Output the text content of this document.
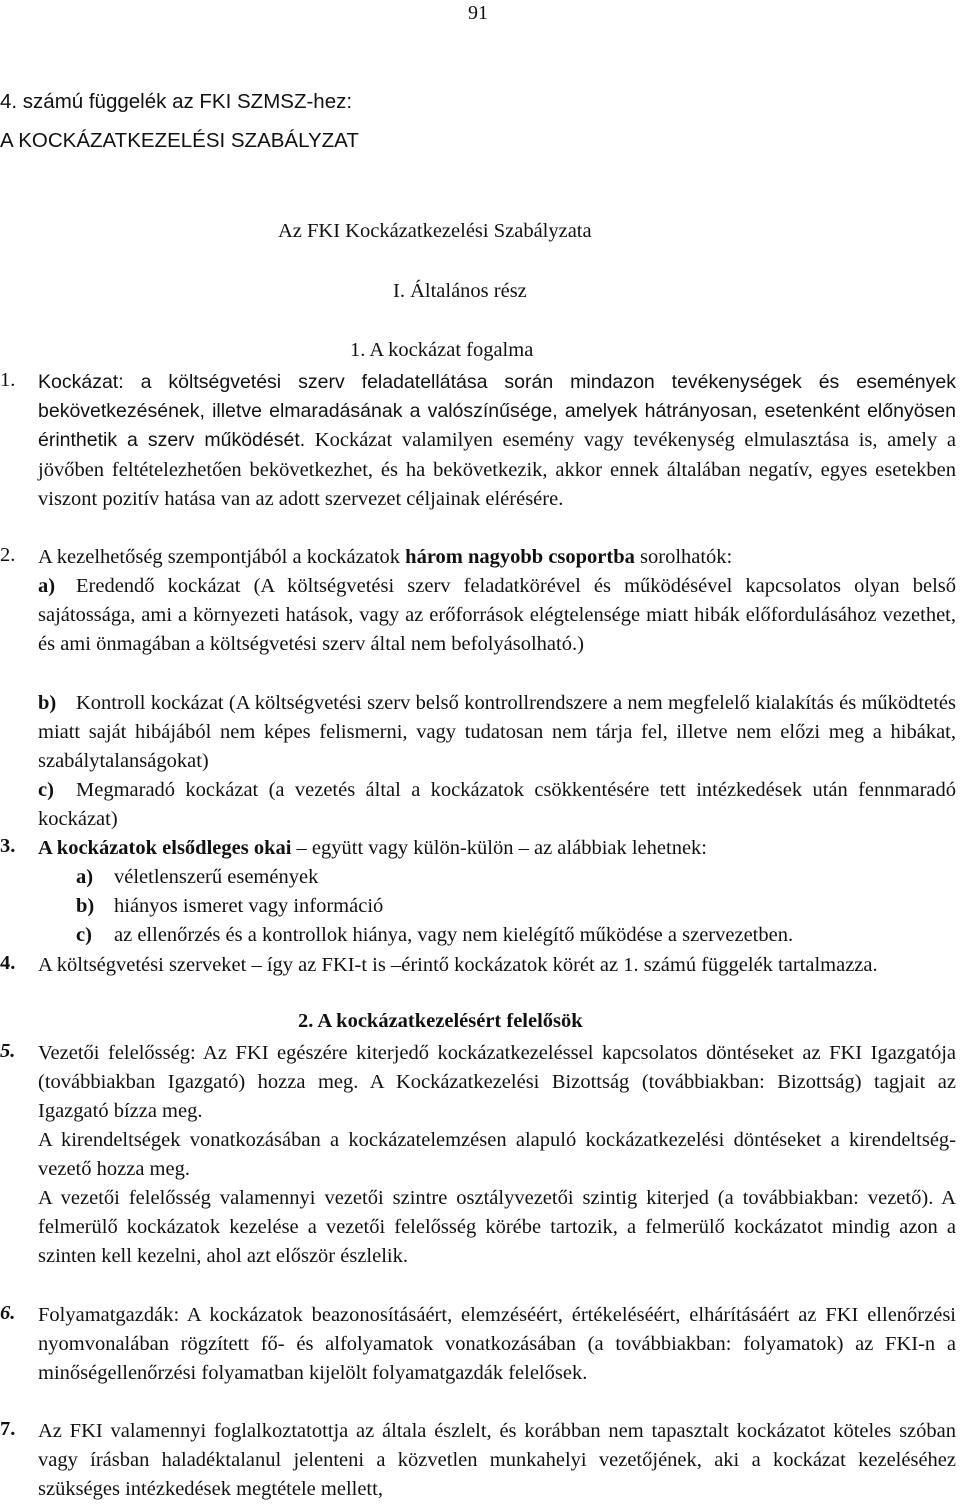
91
4. számú függelék az FKI SZMSZ-hez:
A KOCKÁZATKEZELÉSI SZABÁLYZAT
Az FKI Kockázatkezelési Szabályzata
I. Általános rész
1. A kockázat fogalma
1. Kockázat: a költségvetési szerv feladatellátása során mindazon tevékenységek és események bekövetkezésének, illetve elmaradásának a valószínűsége, amelyek hátrányosan, esetenként előnyösen érinthetik a szerv működését. Kockázat valamilyen esemény vagy tevékenység elmulasztása is, amely a jövőben feltételezhetően bekövetkezhet, és ha bekövetkezik, akkor ennek általában negatív, egyes esetekben viszont pozitív hatása van az adott szervezet céljainak elérésére.
2. A kezelhetőség szempontjából a kockázatok három nagyobb csoportba sorolhatók:
a) Eredendő kockázat (A költségvetési szerv feladatkörével és működésével kapcsolatos olyan belső sajátossága, ami a környezeti hatások, vagy az erőforrások elégtelensége miatt hibák előfordulásához vezethet, és ami önmagában a költségvetési szerv által nem befolyásolható.)
b) Kontroll kockázat (A költségvetési szerv belső kontrollrendszere a nem megfelelő kialakítás és működtetés miatt saját hibájából nem képes felismerni, vagy tudatosan nem tárja fel, illetve nem előzi meg a hibákat, szabálytalanságokat)
c) Megmaradó kockázat (a vezetés által a kockázatok csökkentésére tett intézkedések után fennmaradó kockázat)
3. A kockázatok elsődleges okai – együtt vagy külön-külön – az alábbiak lehetnek:
a) véletlenszerű események
b) hiányos ismeret vagy információ
c) az ellenőrzés és a kontrollok hiánya, vagy nem kielégítő működése a szervezetben.
4. A költségvetési szerveket – így az FKI-t is –érintő kockázatok körét az 1. számú függelék tartalmazza.
2. A kockázatkezelésért felelősök
5. Vezetői felelősség: Az FKI egészére kiterjedő kockázatkezeléssel kapcsolatos döntéseket az FKI Igazgatója (továbbiakban Igazgató) hozza meg. A Kockázatkezelési Bizottság (továbbiakban: Bizottság) tagjait az Igazgató bízza meg.
A kirendeltségek vonatkozásában a kockázatelemzésen alapuló kockázatkezelési döntéseket a kirendeltség-vezető hozza meg.
A vezetői felelősség valamennyi vezetői szintre osztályvezetői szintig kiterjed (a továbbiakban: vezető). A felmerülő kockázatok kezelése a vezetői felelősség körébe tartozik, a felmerülő kockázatot mindig azon a szinten kell kezelni, ahol azt először észlelik.
6. Folyamatgazdák: A kockázatok beazonosításáért, elemzéséért, értékeléséért, elhárításáért az FKI ellenőrzési nyomvonalában rögzített fő- és alfolyamatok vonatkozásában (a továbbiakban: folyamatok) az FKI-n a minőségellenőrzési folyamatban kijelölt folyamatgazdák felelősek.
7. Az FKI valamennyi foglalkoztatottja az általa észlelt, és korábban nem tapasztalt kockázatot köteles szóban vagy írásban haladéktalanul jelenteni a közvetlen munkahelyi vezetőjének, aki a kockázat kezeléséhez szükséges intézkedések megtétele mellett,
